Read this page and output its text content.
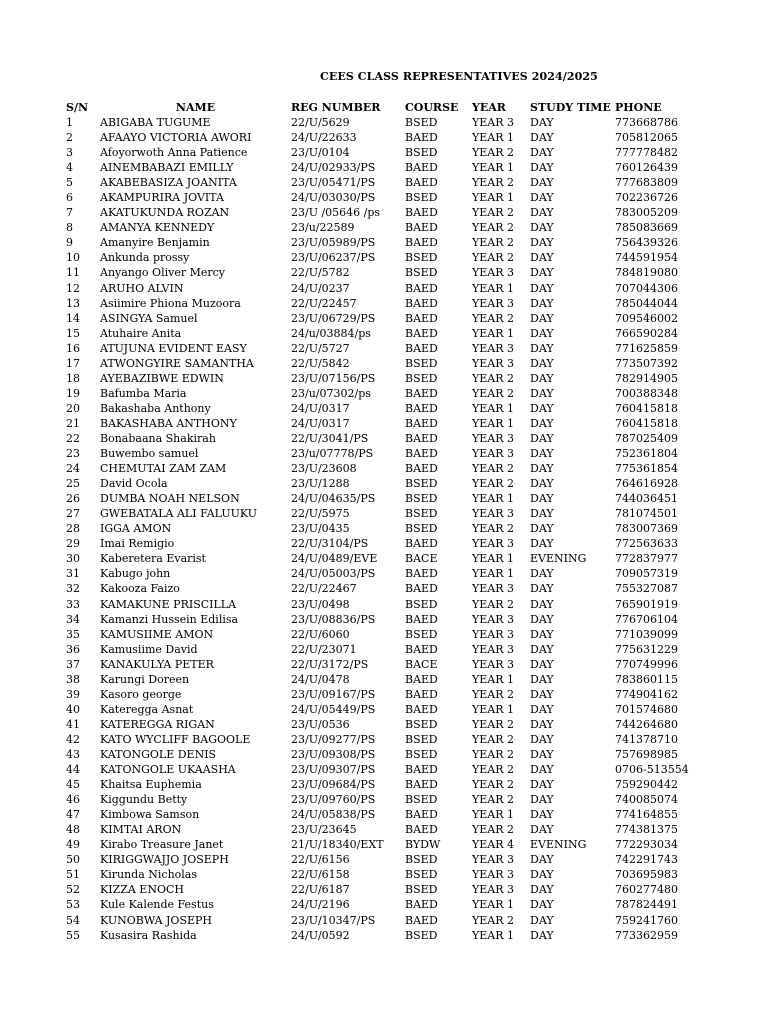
CEES CLASS REPRESENTATIVES 2024/2025
S/N	NAME	REG NUMBER	COURSE	YEAR	STUDY TIME	PHONE
1	ABIGABA TUGUME	22/U/5629	BSED	YEAR 3	DAY	773668786
2	AFAAYO VICTORIA AWORI	24/U/22633	BAED	YEAR 1	DAY	705812065
3	Afoyorwoth Anna Patience	23/U/0104	BSED	YEAR 2	DAY	777778482
4	AINEMBABAZI EMILLY	24/U/02933/PS	BAED	YEAR 1	DAY	760126439
5	AKABEBASIZA JOANITA	23/U/05471/PS	BAED	YEAR 2	DAY	777683809
6	AKAMPURIRA JOVITA	24/U/03030/PS	BSED	YEAR 1	DAY	702236726
7	AKATUKUNDA ROZAN	23/U /05646 /ps	BAED	YEAR 2	DAY	783005209
8	AMANYA KENNEDY	23/u/22589	BAED	YEAR 2	DAY	785083669
9	Amanyire Benjamin	23/U/05989/PS	BAED	YEAR 2	DAY	756439326
10	Ankunda prossy	23/U/06237/PS	BSED	YEAR 2	DAY	744591954
11	Anyango Oliver Mercy	22/U/5782	BSED	YEAR 3	DAY	784819080
12	ARUHO ALVIN	24/U/0237	BAED	YEAR 1	DAY	707044306
13	Asiimire Phiona Muzoora	22/U/22457	BAED	YEAR 3	DAY	785044044
14	ASINGYA Samuel	23/U/06729/PS	BAED	YEAR 2	DAY	709546002
15	Atuhaire Anita	24/u/03884/ps	BAED	YEAR 1	DAY	766590284
16	ATUJUNA EVIDENT EASY	22/U/5727	BAED	YEAR 3	DAY	771625859
17	ATWONGYIRE SAMANTHA	22/U/5842	BSED	YEAR 3	DAY	773507392
18	AYEBAZIBWE EDWIN	23/U/07156/PS	BSED	YEAR 2	DAY	782914905
19	Bafumba Maria	23/u/07302/ps	BAED	YEAR 2	DAY	700388348
20	Bakashaba Anthony	24/U/0317	BAED	YEAR 1	DAY	760415818
21	BAKASHABA ANTHONY	24/U/0317	BAED	YEAR 1	DAY	760415818
22	Bonabaana Shakirah	22/U/3041/PS	BAED	YEAR 3	DAY	787025409
23	Buwembo samuel	23/u/07778/PS	BAED	YEAR 3	DAY	752361804
24	CHEMUTAI ZAM ZAM	23/U/23608	BAED	YEAR 2	DAY	775361854
25	David Ocola	23/U/1288	BSED	YEAR 2	DAY	764616928
26	DUMBA NOAH NELSON	24/U/04635/PS	BSED	YEAR 1	DAY	744036451
27	GWEBATALA ALI FALUUKU	22/U/5975	BSED	YEAR 3	DAY	781074501
28	IGGA AMON	23/U/0435	BSED	YEAR 2	DAY	783007369
29	Imai Remigio	22/U/3104/PS	BAED	YEAR 3	DAY	772563633
30	Kaberetera Evarist	24/U/0489/EVE	BACE	YEAR 1	EVENING	772837977
31	Kabugo john	24/U/05003/PS	BAED	YEAR 1	DAY	709057319
32	Kakooza Faizo	22/U/22467	BAED	YEAR 3	DAY	755327087
33	KAMAKUNE PRISCILLA	23/U/0498	BSED	YEAR 2	DAY	765901919
34	Kamanzi Hussein Edilisa	23/U/08836/PS	BAED	YEAR 3	DAY	776706104
35	KAMUSIIME AMON	22/U/6060	BSED	YEAR 3	DAY	771039099
36	Kamusiime David	22/U/23071	BAED	YEAR 3	DAY	775631229
37	KANAKULYA PETER	22/U/3172/PS	BACE	YEAR 3	DAY	770749996
38	Karungi Doreen	24/U/0478	BAED	YEAR 1	DAY	783860115
39	Kasoro george	23/U/09167/PS	BAED	YEAR 2	DAY	774904162
40	Kateregga Asnat	24/U/05449/PS	BAED	YEAR 1	DAY	701574680
41	KATEREGGA RIGAN	23/U/0536	BSED	YEAR 2	DAY	744264680
42	KATO WYCLIFF BAGOOLE	23/U/09277/PS	BSED	YEAR 2	DAY	741378710
43	KATONGOLE DENIS	23/U/09308/PS	BSED	YEAR 2	DAY	757698985
44	KATONGOLE UKAASHA	23/U/09307/PS	BAED	YEAR 2	DAY	0706-513554
45	Khaitsa Euphemia	23/U/09684/PS	BAED	YEAR 2	DAY	759290442
46	Kiggundu Betty	23/U/09760/PS	BSED	YEAR 2	DAY	740085074
47	Kimbowa Samson	24/U/05838/PS	BAED	YEAR 1	DAY	774164855
48	KIMTAI ARON	23/U/23645	BAED	YEAR 2	DAY	774381375
49	Kirabo Treasure Janet	21/U/18340/EXT	BYDW	YEAR 4	EVENING	772293034
50	KIRIGGWAJJO JOSEPH	22/U/6156	BSED	YEAR 3	DAY	742291743
51	Kirunda Nicholas	22/U/6158	BSED	YEAR 3	DAY	703695983
52	KIZZA ENOCH	22/U/6187	BSED	YEAR 3	DAY	760277480
53	Kule Kalende Festus	24/U/2196	BAED	YEAR 1	DAY	787824491
54	KUNOBWA JOSEPH	23/U/10347/PS	BAED	YEAR 2	DAY	759241760
55	Kusasira Rashida	24/U/0592	BSED	YEAR 1	DAY	773362959
